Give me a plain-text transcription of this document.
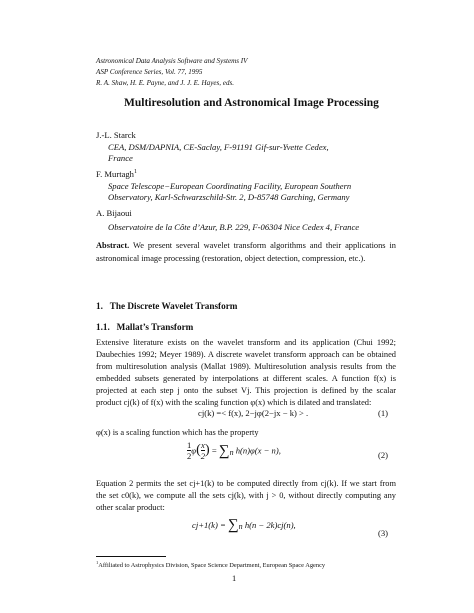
Astronomical Data Analysis Software and Systems IV
ASP Conference Series, Vol. 77, 1995
R. A. Shaw, H. E. Payne, and J. J. E. Hayes, eds.
Multiresolution and Astronomical Image Processing
J.-L. Starck
CEA, DSM/DAPNIA, CE-Saclay, F-91191 Gif-sur-Yvette Cedex,
France
F. Murtagh$^1$
Space Telescope−European Coordinating Facility, European Southern
Observatory, Karl-Schwarzschild-Str. 2, D-85748 Garching, Germany
A. Bijaoui
Observatoire de la Côte d’Azur, B.P. 229, F-06304 Nice Cedex 4, France
Abstract. We present several wavelet transform algorithms and their applications in astronomical image processing (restoration, object detection, compression, etc.).
1. The Discrete Wavelet Transform
1.1. Mallat’s Transform
Extensive literature exists on the wavelet transform and its application (Chui 1992; Daubechies 1992; Meyer 1989). A discrete wavelet transform approach can be obtained from multiresolution analysis (Mallat 1989). Multiresolution analysis results from the embedded subsets generated by interpolations at different scales. A function f(x) is projected at each step j onto the subset Vj. This projection is defined by the scalar product cj(k) of f(x) with the scaling function φ(x) which is dilated and translated:
cj(k) =< f(x), 2−jφ(2−jx − k) > .	(1)
φ(x) is a scaling function which has the property
$\frac{1}{2} \varphi( \frac{x}{2}$ ) = ∑n h(n)φ(x − n),	(2)
Equation 2 permits the set cj+1(k) to be computed directly from cj(k). If we start from the set c0(k), we compute all the sets cj(k), with j > 0, without directly computing any other scalar product:
cj+1(k) = ∑n h(n − 2k)cj(n),
(3)
$^1$Affiliated to Astrophysics Division, Space Science Department, European Space Agency
1
